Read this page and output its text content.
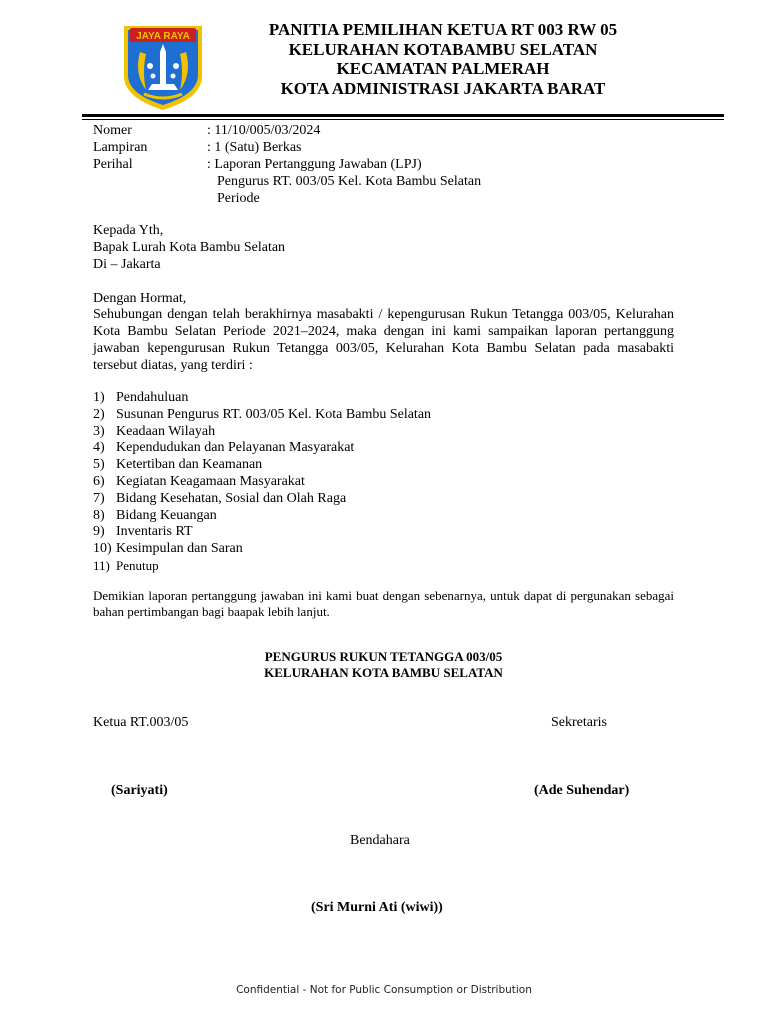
JAYA RAYA	PANITIA PEMILIHAN KETUA RT 003 RW 05
KELURAHAN KOTABAMBU SELATAN
KECAMATAN PALMERAH
KOTA ADMINISTRASI JAKARTA BARAT
Nomer	: 11/10/005/03/2024
Lampiran	: 1 (Satu) Berkas
Perihal	: Laporan Pertanggung Jawaban (LPJ)
Pengurus RT. 003/05 Kel. Kota Bambu Selatan
Periode
Kepada Yth,
Bapak Lurah Kota Bambu Selatan
Di – Jakarta
Dengan Hormat,
Sehubungan dengan telah berakhirnya masabakti / kepengurusan Rukun Tetangga 003/05, Kelurahan Kota Bambu Selatan Periode 2021–2024, maka dengan ini kami sampaikan laporan pertanggung jawaban kepengurusan Rukun Tetangga 003/05, Kelurahan Kota Bambu Selatan pada masabakti tersebut diatas, yang terdiri :
1) Pendahuluan
2) Susunan Pengurus RT. 003/05 Kel. Kota Bambu Selatan
3) Keadaan Wilayah
4) Kependudukan dan Pelayanan Masyarakat
5) Ketertiban dan Keamanan
6) Kegiatan Keagamaan Masyarakat
7) Bidang Kesehatan, Sosial dan Olah Raga
8) Bidang Keuangan
9) Inventaris RT
10) Kesimpulan dan Saran
11) Penutup
Demikian laporan pertanggung jawaban ini kami buat dengan sebenarnya, untuk dapat di pergunakan sebagai bahan pertimbangan bagi baapak lebih lanjut.
PENGURUS RUKUN TETANGGA 003/05
KELURAHAN KOTA BAMBU SELATAN
Ketua RT.003/05	Sekretaris
(Sariyati)	(Ade Suhendar)
Bendahara
(Sri Murni Ati (wiwi))
Confidential - Not for Public Consumption or Distribution
